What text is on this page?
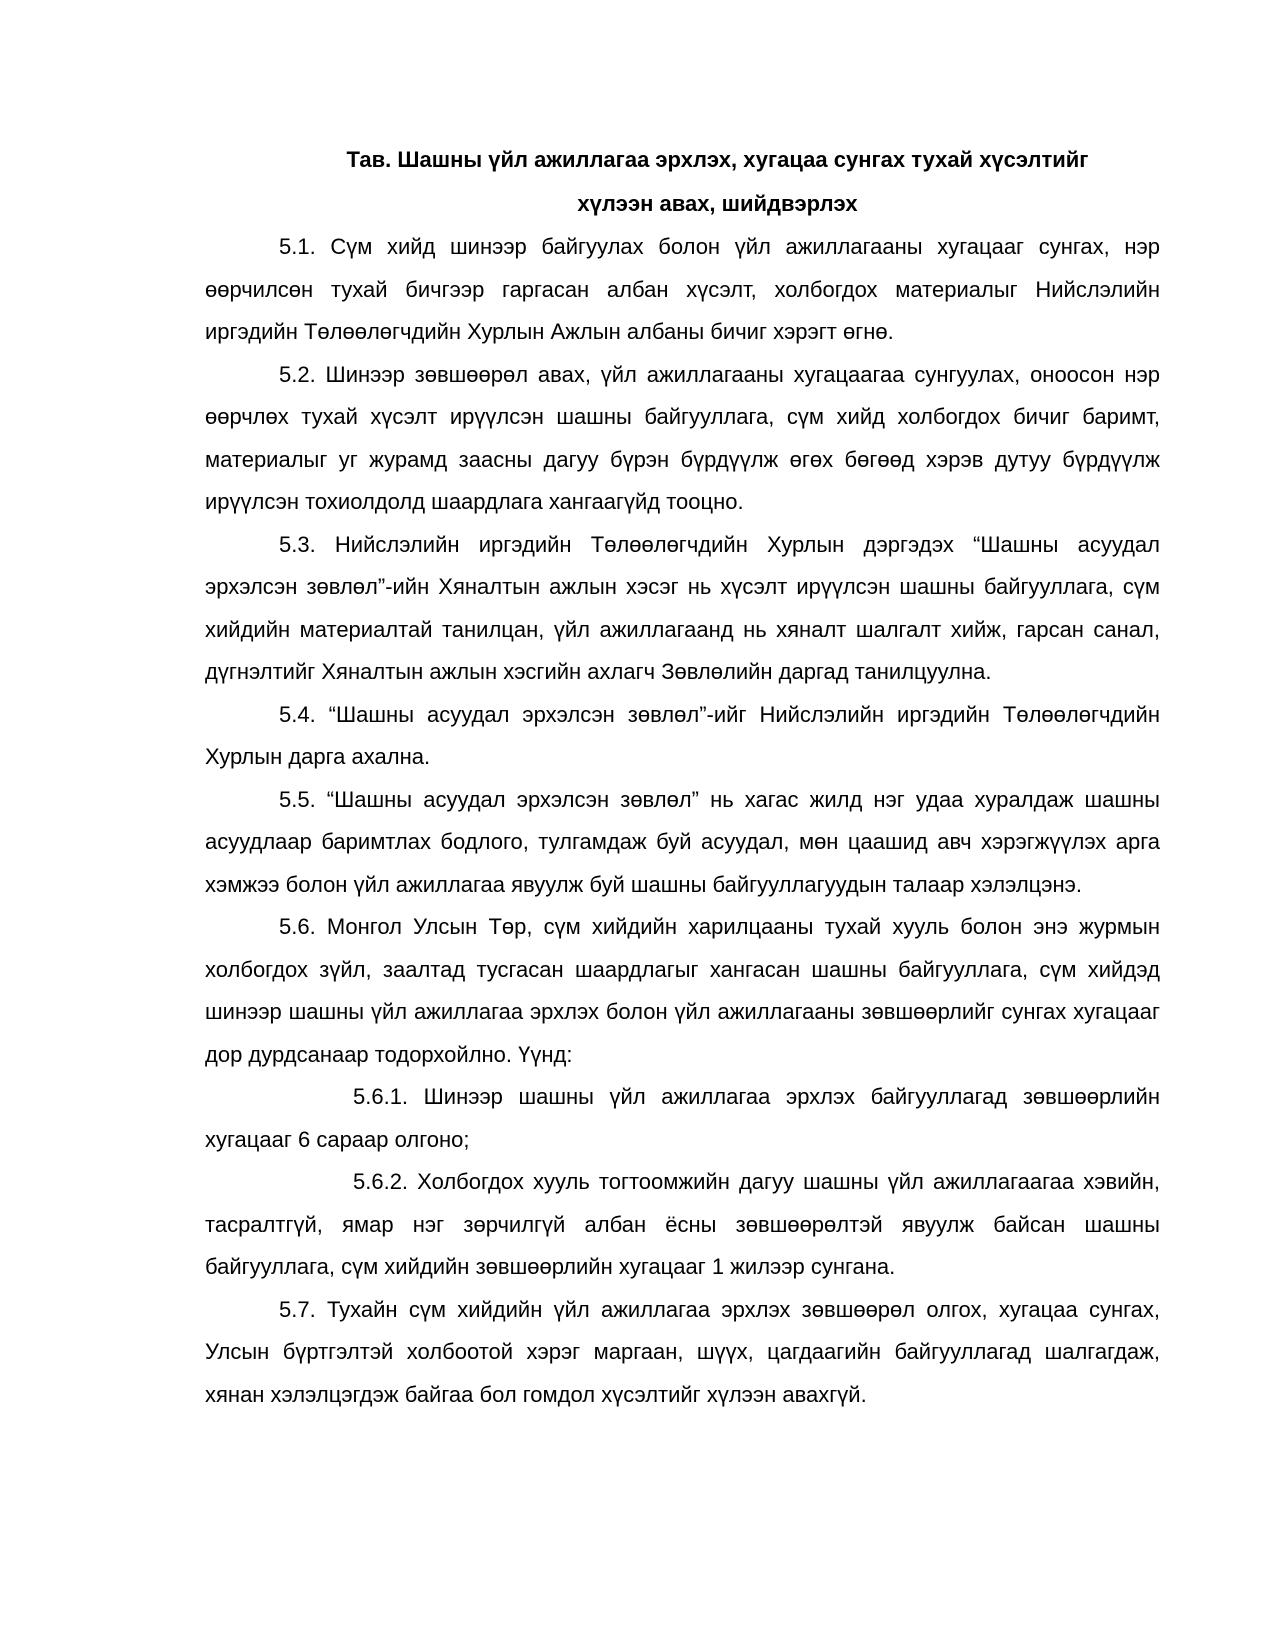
Тав. Шашны үйл ажиллагаа эрхлэх, хугацаа сунгах тухай хүсэлтийг
хүлээн авах, шийдвэрлэх

5.1. Сүм хийд шинээр байгуулах болон үйл ажиллагааны хугацааг сунгах, нэр өөрчилсөн тухай бичгээр гаргасан албан хүсэлт, холбогдох материалыг Нийслэлийн иргэдийн Төлөөлөгчдийн Хурлын Ажлын албаны бичиг хэрэгт өгнө.

5.2. Шинээр зөвшөөрөл авах, үйл ажиллагааны хугацаагаа сунгуулах, оноосон нэр өөрчлөх тухай хүсэлт ирүүлсэн шашны байгууллага, сүм хийд холбогдох бичиг баримт, материалыг уг журамд заасны дагуу бүрэн бүрдүүлж өгөх бөгөөд хэрэв дутуу бүрдүүлж ирүүлсэн тохиолдолд шаардлага хангаагүйд тооцно.

5.3. Нийслэлийн иргэдийн Төлөөлөгчдийн Хурлын дэргэдэх “Шашны асуудал эрхэлсэн зөвлөл”-ийн Хяналтын ажлын хэсэг нь хүсэлт ирүүлсэн шашны байгууллага, сүм хийдийн материалтай танилцан, үйл ажиллагаанд нь хяналт шалгалт хийж, гарсан санал, дүгнэлтийг Хяналтын ажлын хэсгийн ахлагч Зөвлөлийн даргад танилцуулна.

5.4. “Шашны асуудал эрхэлсэн зөвлөл”-ийг Нийслэлийн иргэдийн Төлөөлөгчдийн Хурлын дарга ахална.

5.5. “Шашны асуудал эрхэлсэн зөвлөл” нь хагас жилд нэг удаа хуралдаж шашны асуудлаар баримтлах бодлого, тулгамдаж буй асуудал, мөн цаашид авч хэрэгжүүлэх арга хэмжээ болон үйл ажиллагаа явуулж буй шашны байгууллагуудын талаар хэлэлцэнэ.

5.6. Монгол Улсын Төр, сүм хийдийн харилцааны тухай хууль болон энэ журмын холбогдох зүйл, заалтад тусгасан шаардлагыг хангасан шашны байгууллага, сүм хийдэд шинээр шашны үйл ажиллагаа эрхлэх болон үйл ажиллагааны зөвшөөрлийг сунгах хугацааг дор дурдсанаар тодорхойлно. Үүнд:

5.6.1. Шинээр шашны үйл ажиллагаа эрхлэх байгууллагад зөвшөөрлийн хугацааг 6 сараар олгоно;

5.6.2. Холбогдох хууль тогтоомжийн дагуу шашны үйл ажиллагаагаа хэвийн, тасралтгүй, ямар нэг зөрчилгүй албан ёсны зөвшөөрөлтэй явуулж байсан шашны байгууллага, сүм хийдийн зөвшөөрлийн хугацааг 1 жилээр сунгана.

5.7. Тухайн сүм хийдийн үйл ажиллагаа эрхлэх зөвшөөрөл олгох, хугацаа сунгах, Улсын бүртгэлтэй холбоотой хэрэг маргаан, шүүх, цагдаагийн байгууллагад шалгагдаж, хянан хэлэлцэгдэж байгаа бол гомдол хүсэлтийг хүлээн авахгүй.
